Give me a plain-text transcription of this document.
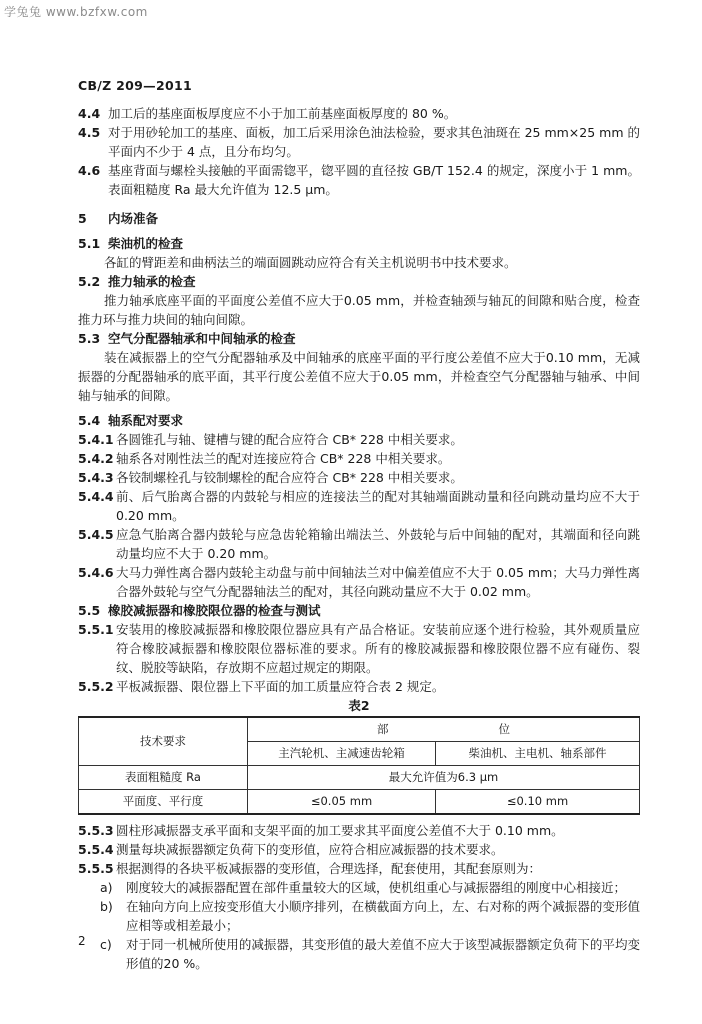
学兔兔 www.bzfxw.com
CB/Z 209—2011
4.4 加工后的基座面板厚度应不小于加工前基座面板厚度的 80 %。
4.5 对于用砂轮加工的基座、面板，加工后采用涂色油法检验，要求其色油斑在 25 mm×25 mm 的平面内不少于 4 点，且分布均匀。
4.6 基座背面与螺栓头接触的平面需锪平，锪平圆的直径按 GB/T 152.4 的规定，深度小于 1 mm。表面粗糙度 Ra 最大允许值为 12.5 μm。
5	内场准备
5.1 柴油机的检查

各缸的臂距差和曲柄法兰的端面圆跳动应符合有关主机说明书中技术要求。

5.2 推力轴承的检查

推力轴承底座平面的平面度公差值不应大于0.05 mm，并检查轴颈与轴瓦的间隙和贴合度，检查推力环与推力块间的轴向间隙。

5.3 空气分配器轴承和中间轴承的检查

装在减振器上的空气分配器轴承及中间轴承的底座平面的平行度公差值不应大于0.10 mm，无减振器的分配器轴承的底平面，其平行度公差值不应大于0.05 mm，并检查空气分配器轴与轴承、中间轴与轴承的间隙。

5.4 轴系配对要求
5.4.1 各圆锥孔与轴、键槽与键的配合应符合 CB* 228 中相关要求。
5.4.2 轴系各对刚性法兰的配对连接应符合 CB* 228 中相关要求。
5.4.3 各铰制螺栓孔与铰制螺栓的配合应符合 CB* 228 中相关要求。
5.4.4 前、后气胎离合器的内鼓轮与相应的连接法兰的配对其轴端面跳动量和径向跳动量均应不大于 0.20 mm。
5.4.5 应急气胎离合器内鼓轮与应急齿轮箱输出端法兰、外鼓轮与后中间轴的配对，其端面和径向跳动量均应不大于 0.20 mm。
5.4.6 大马力弹性离合器内鼓轮主动盘与前中间轴法兰对中偏差值应不大于 0.05 mm；大马力弹性离合器外鼓轮与空气分配器轴法兰的配对，其径向跳动量应不大于 0.02 mm。
5.5 橡胶减振器和橡胶限位器的检查与测试
5.5.1 安装用的橡胶减振器和橡胶限位器应具有产品合格证。安装前应逐个进行检验，其外观质量应符合橡胶减振器和橡胶限位器标准的要求。所有的橡胶减振器和橡胶限位器不应有碰伤、裂纹、脱胶等缺陷，存放期不应超过规定的期限。
5.5.2 平板减振器、限位器上下平面的加工质量应符合表 2 规定。

表2

技术要求	部 位	
	主汽轮机、主减速齿轮箱	柴油机、主电机、轴系部件
表面粗糙度 Ra	最大允许值为6.3 μm	
平面度、平行度	≤0.05 mm	≤0.10 mm
5.5.3 圆柱形减振器支承平面和支架平面的加工要求其平面度公差值不大于 0.10 mm。
5.5.4 测量每块减振器额定负荷下的变形值，应符合相应减振器的技术要求。
5.5.5 根据测得的各块平板减振器的变形值，合理选择，配套使用，其配套原则为：
a)	刚度较大的减振器配置在部件重量较大的区域，使机组重心与减振器组的刚度中心相接近；
b)	在轴向方向上应按变形值大小顺序排列，在横截面方向上，左、右对称的两个减振器的变形值应相等或相差最小；
c)	对于同一机械所使用的减振器，其变形值的最大差值不应大于该型减振器额定负荷下的平均变形值的20 %。
2
